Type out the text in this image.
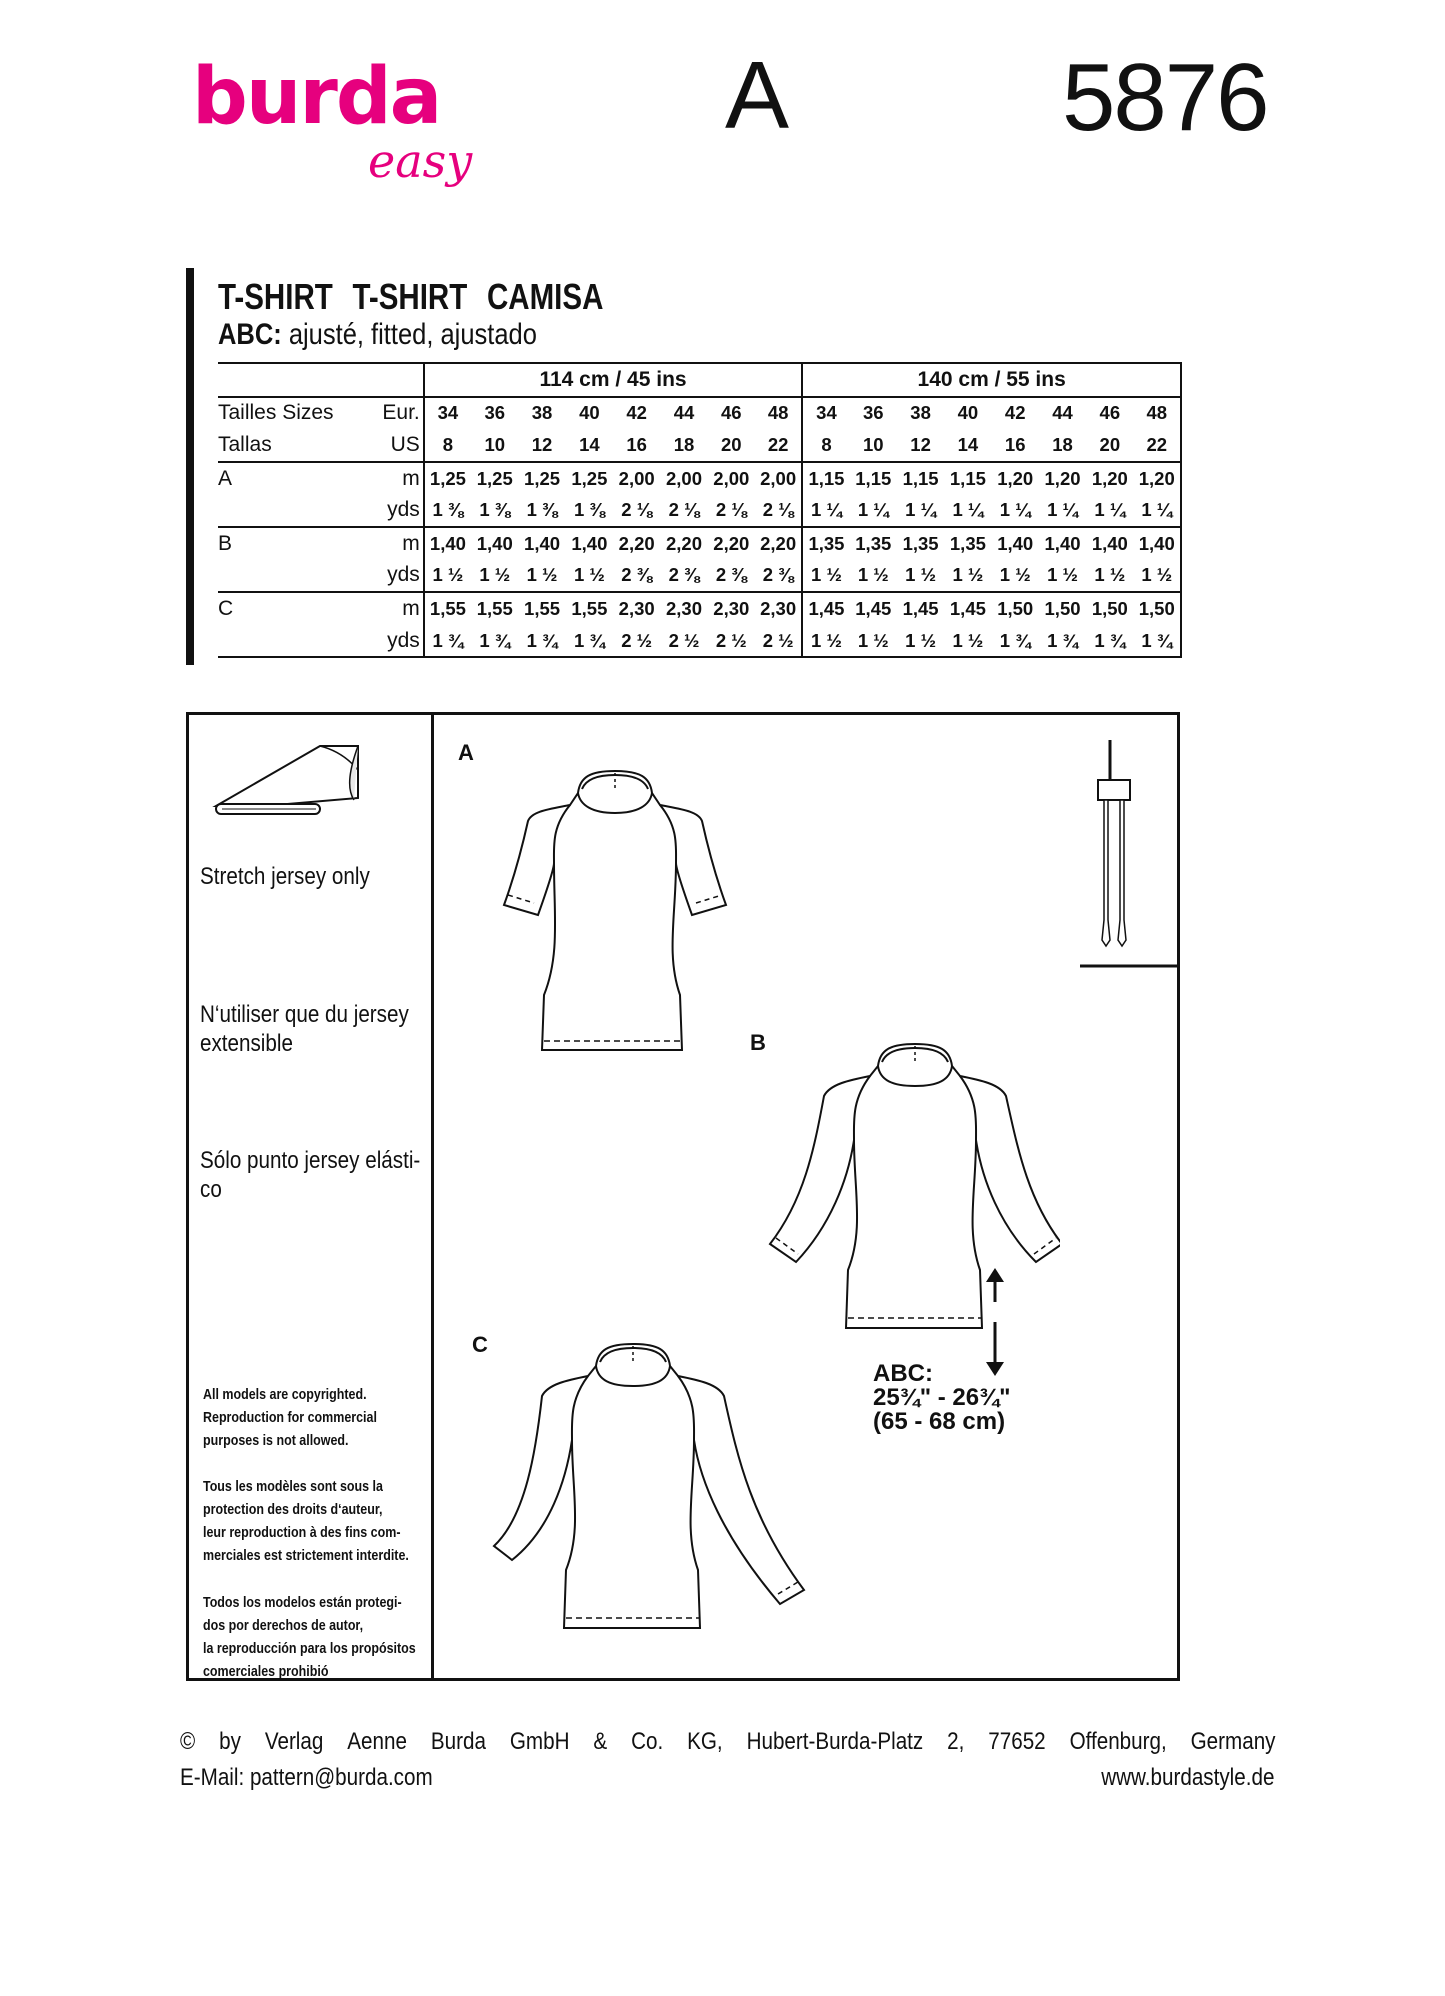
burda
easy
A	5876
T-SHIRT T-SHIRT CAMISA
ABC: ajusté, fitted, ajustado
		114 cm / 45 ins								140 cm / 55 ins							
Tailles Sizes	Eur.	34	36	38	40	42	44	46	48	34	36	38	40	42	44	46	48
Tallas	US	8	10	12	14	16	18	20	22	8	10	12	14	16	18	20	22
A	m	1,25	1,25	1,25	1,25	2,00	2,00	2,00	2,00	1,15	1,15	1,15	1,15	1,20	1,20	1,20	1,20
	yds	1 ⅜	1 ⅜	1 ⅜	1 ⅜	2 ⅛	2 ⅛	2 ⅛	2 ⅛	1 ¼	1 ¼	1 ¼	1 ¼	1 ¼	1 ¼	1 ¼	1 ¼
B	m	1,40	1,40	1,40	1,40	2,20	2,20	2,20	2,20	1,35	1,35	1,35	1,35	1,40	1,40	1,40	1,40
	yds	1 ½	1 ½	1 ½	1 ½	2 ⅜	2 ⅜	2 ⅜	2 ⅜	1 ½	1 ½	1 ½	1 ½	1 ½	1 ½	1 ½	1 ½
C	m	1,55	1,55	1,55	1,55	2,30	2,30	2,30	2,30	1,45	1,45	1,45	1,45	1,50	1,50	1,50	1,50
	yds	1 ¾	1 ¾	1 ¾	1 ¾	2 ½	2 ½	2 ½	2 ½	1 ½	1 ½	1 ½	1 ½	1 ¾	1 ¾	1 ¾	1 ¾
Stretch jersey only
N‘utiliser que du jersey
extensible
Sólo punto jersey elásti-
co
All models are copyrighted.
Reproduction for commercial
purposes is not allowed.
Tous les modèles sont sous la
protection des droits d‘auteur,
leur reproduction à des fins com-
merciales est strictement interdite.
Todos los modelos están protegi-
dos por derechos de autor,
la reproducción para los propósitos
comerciales prohibió
A
B
C
ABC:
25¾" - 26¾"
(65 - 68 cm)
© by Verlag Aenne Burda GmbH & Co. KG, Hubert-Burda-Platz 2, 77652 Offenburg, Germany
E-Mail: pattern@burda.com	www.burdastyle.de
